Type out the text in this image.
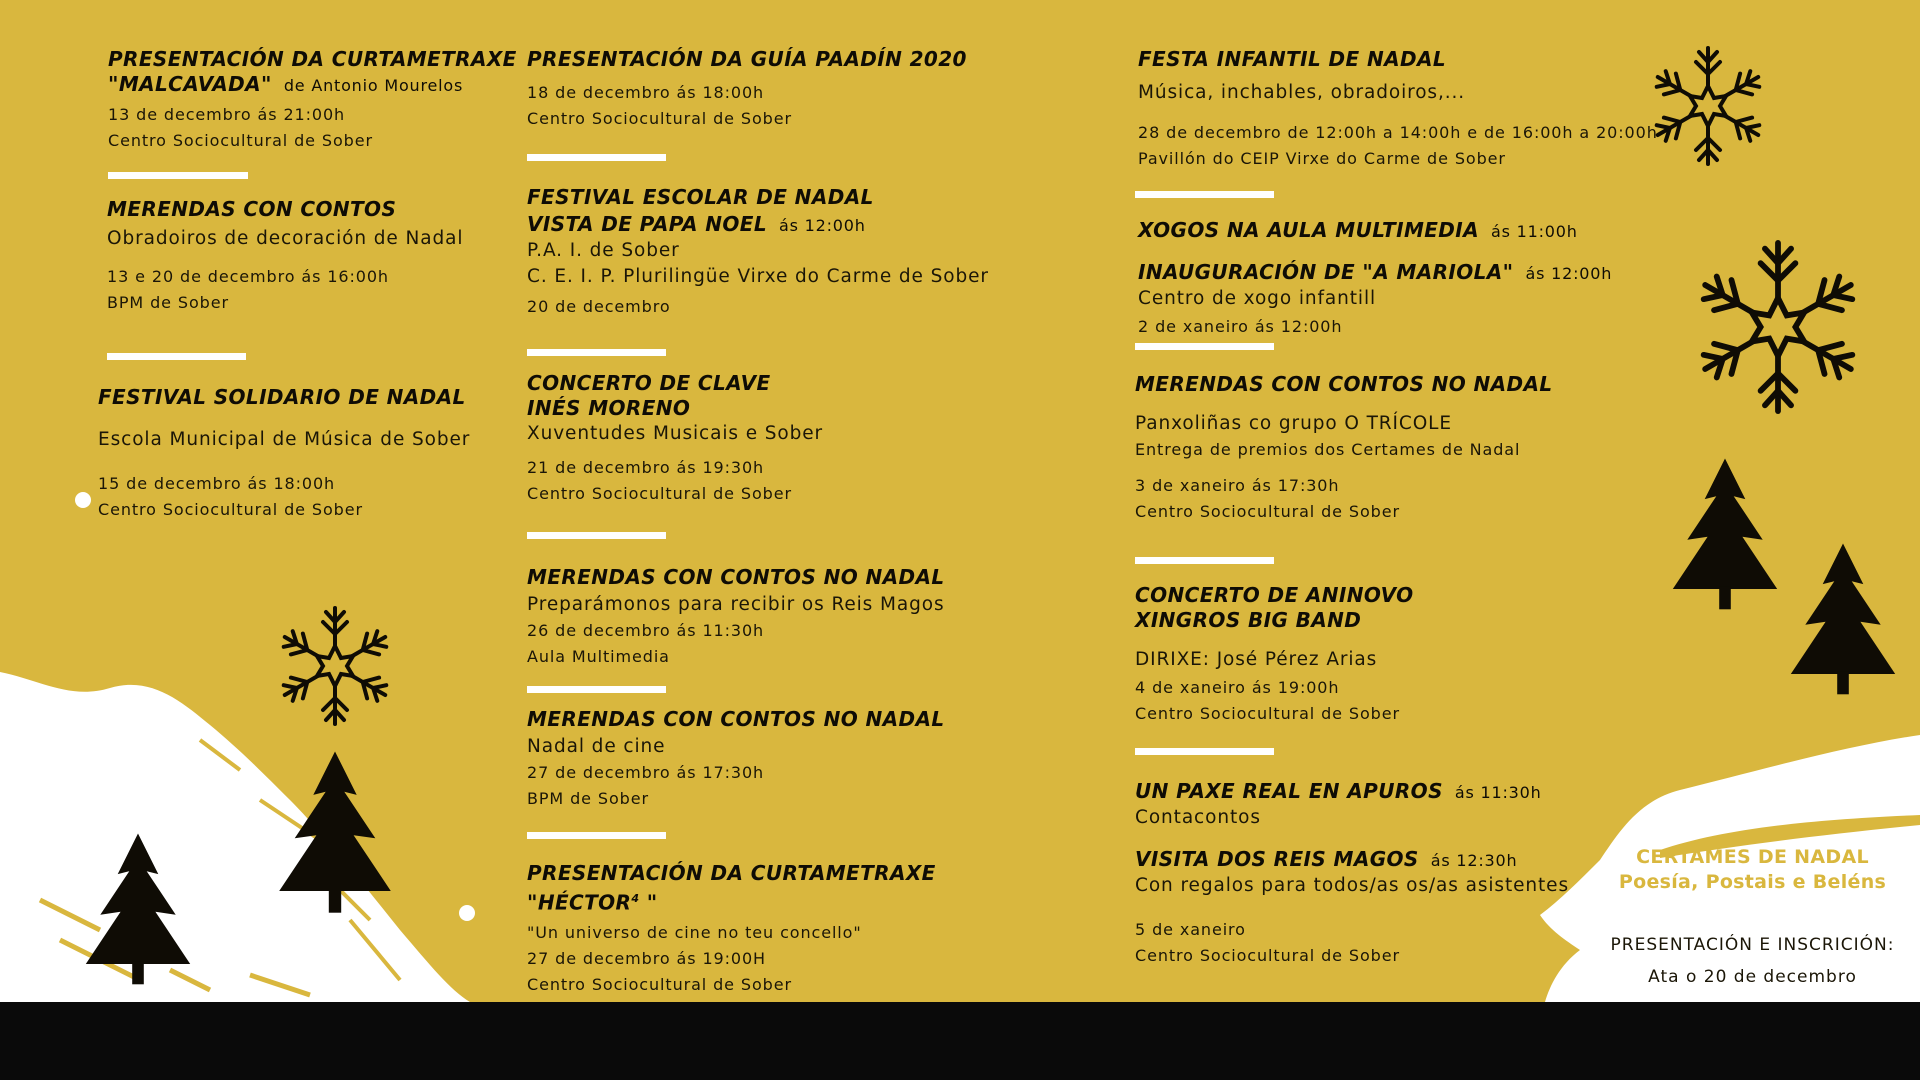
PRESENTACIÓN DA CURTAMETRAXE
"MALCAVADA" de Antonio Mourelos
13 de decembro ás 21:00h
Centro Sociocultural de Sober
MERENDAS CON CONTOS
Obradoiros de decoración de Nadal
13 e 20 de decembro ás 16:00h
BPM de Sober
FESTIVAL SOLIDARIO DE NADAL
Escola Municipal de Música de Sober
15 de decembro ás 18:00h
Centro Sociocultural de Sober
PRESENTACIÓN DA GUÍA PAADÍN 2020
18 de decembro ás 18:00h
Centro Sociocultural de Sober
FESTIVAL ESCOLAR DE NADAL
VISTA DE PAPA NOEL ás 12:00h
P.A. I. de Sober
C. E. I. P. Plurilingüe Virxe do Carme de Sober
20 de decembro
CONCERTO DE CLAVE
INÉS MORENO
Xuventudes Musicais e Sober
21 de decembro ás 19:30h
Centro Sociocultural de Sober
MERENDAS CON CONTOS NO NADAL
Preparámonos para recibir os Reis Magos
26 de decembro ás 11:30h
Aula Multimedia
MERENDAS CON CONTOS NO NADAL
Nadal de cine
27 de decembro ás 17:30h
BPM de Sober
PRESENTACIÓN DA CURTAMETRAXE
"HÉCTOR$^4$ "
"Un universo de cine no teu concello"
27 de decembro ás 19:00H
Centro Sociocultural de Sober
FESTA INFANTIL DE NADAL
Música, inchables, obradoiros,...
28 de decembro de 12:00h a 14:00h e de 16:00h a 20:00h
Pavillón do CEIP Virxe do Carme de Sober
XOGOS NA AULA MULTIMEDIA ás 11:00h
INAUGURACIÓN DE "A MARIOLA" ás 12:00h
Centro de xogo infantill
2 de xaneiro ás 12:00h
MERENDAS CON CONTOS NO NADAL
Panxoliñas co grupo O TRÍCOLE
Entrega de premios dos Certames de Nadal
3 de xaneiro ás 17:30h
Centro Sociocultural de Sober
CONCERTO DE ANINOVO
XINGROS BIG BAND
DIRIXE: José Pérez Arias
4 de xaneiro ás 19:00h
Centro Sociocultural de Sober
UN PAXE REAL EN APUROS ás 11:30h
Contacontos
VISITA DOS REIS MAGOS ás 12:30h
Con regalos para todos/as os/as asistentes
5 de xaneiro
Centro Sociocultural de Sober
CERTAMES DE NADAL
Poesía, Postais e Beléns
PRESENTACIÓN E INSCRICIÓN:
Ata o 20 de decembro
